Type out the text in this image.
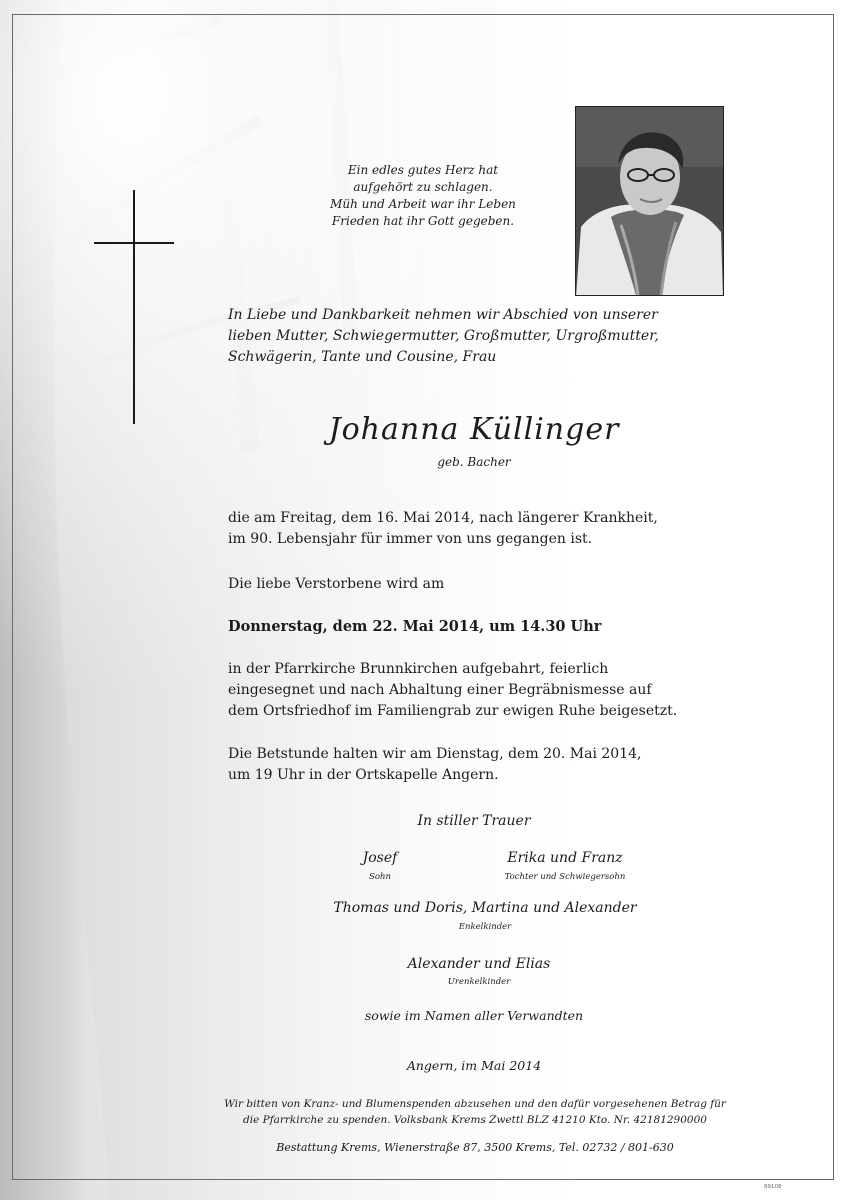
Ein edles gutes Herz hat
aufgehört zu schlagen.
Müh und Arbeit war ihr Leben
Frieden hat ihr Gott gegeben.
In Liebe und Dankbarkeit nehmen wir Abschied von unserer
lieben Mutter, Schwiegermutter, Großmutter, Urgroßmutter,
Schwägerin, Tante und Cousine, Frau
Johanna Küllinger
geb. Bacher
die am Freitag, dem 16. Mai 2014, nach längerer Krankheit,
im 90. Lebensjahr für immer von uns gegangen ist.
Die liebe Verstorbene wird am
Donnerstag, dem 22. Mai 2014, um 14.30 Uhr
in der Pfarrkirche Brunnkirchen aufgebahrt, feierlich
eingesegnet und nach Abhaltung einer Begräbnismesse auf
dem Ortsfriedhof im Familiengrab zur ewigen Ruhe beigesetzt.
Die Betstunde halten wir am Dienstag, dem 20. Mai 2014,
um 19 Uhr in der Ortskapelle Angern.
In stiller Trauer
Josef
Sohn
Erika und Franz
Tochter und Schwiegersohn
Thomas und Doris, Martina und Alexander
Enkelkinder
Alexander und Elias
Urenkelkinder
sowie im Namen aller Verwandten
Angern, im Mai 2014
Wir bitten von Kranz- und Blumenspenden abzusehen und den dafür vorgesehenen Betrag für
die Pfarrkirche zu spenden. Volksbank Krems Zwettl BLZ 41210 Kto. Nr. 42181290000
Bestattung Krems, Wienerstraße 87, 3500 Krems, Tel. 02732 / 801-630
89108
